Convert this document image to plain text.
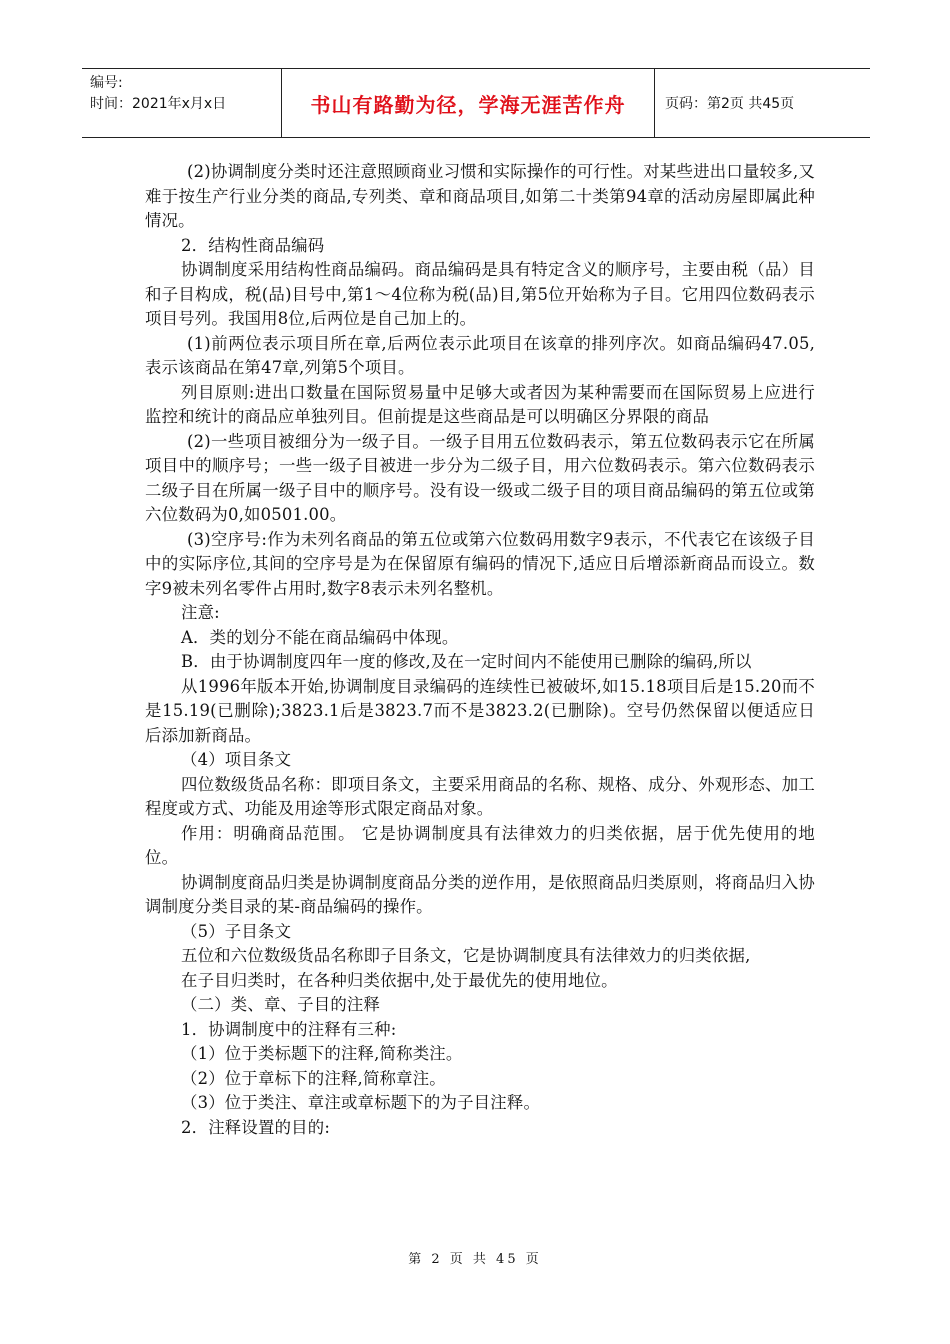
编号:
时间：2021年x月x日	书山有路勤为径，学海无涯苦作舟	页码：第2页 共45页

(2)协调制度分类时还注意照顾商业习惯和实际操作的可行性。对某些进出口量较多,又难于按生产行业分类的商品,专列类、章和商品项目,如第二十类第94章的活动房屋即属此种情况。

2．结构性商品编码

协调制度采用结构性商品编码。商品编码是具有特定含义的顺序号，主要由税（品）目和子目构成，税(品)目号中,第1～4位称为税(品)目,第5位开始称为子目。它用四位数码表示项目号列。我国用8位,后两位是自己加上的。

(1)前两位表示项目所在章,后两位表示此项目在该章的排列序次。如商品编码47.05,表示该商品在第47章,列第5个项目。

列目原则:进出口数量在国际贸易量中足够大或者因为某种需要而在国际贸易上应进行监控和统计的商品应单独列目。但前提是这些商品是可以明确区分界限的商品

(2)一些项目被细分为一级子目。一级子目用五位数码表示，第五位数码表示它在所属项目中的顺序号；一些一级子目被进一步分为二级子目，用六位数码表示。第六位数码表示二级子目在所属一级子目中的顺序号。没有设一级或二级子目的项目商品编码的第五位或第六位数码为0,如0501.00。

(3)空序号:作为未列名商品的第五位或第六位数码用数字9表示，不代表它在该级子目中的实际序位,其间的空序号是为在保留原有编码的情况下,适应日后增添新商品而设立。数字9被未列名零件占用时,数字8表示未列名整机。

注意:

A．类的划分不能在商品编码中体现。

B．由于协调制度四年一度的修改,及在一定时间内不能使用已删除的编码,所以

从1996年版本开始,协调制度目录编码的连续性已被破坏,如15.18项目后是15.20而不是15.19(已删除);3823.1后是3823.7而不是3823.2(已删除)。空号仍然保留以便适应日后添加新商品。

（4）项目条文

四位数级货品名称：即项目条文，主要采用商品的名称、规格、成分、外观形态、加工程度或方式、功能及用途等形式限定商品对象。

作用：明确商品范围。 它是协调制度具有法律效力的归类依据，居于优先使用的地位。

协调制度商品归类是协调制度商品分类的逆作用，是依照商品归类原则，将商品归入协调制度分类目录的某-商品编码的操作。

（5）子目条文

五位和六位数级货品名称即子目条文，它是协调制度具有法律效力的归类依据,

在子目归类时，在各种归类依据中,处于最优先的使用地位。

（二）类、章、子目的注释

1．协调制度中的注释有三种:

（1）位于类标题下的注释,简称类注。

（2）位于章标下的注释,简称章注。

（3）位于类注、章注或章标题下的为子目注释。

2．注释设置的目的:

第 2 页 共 45 页
